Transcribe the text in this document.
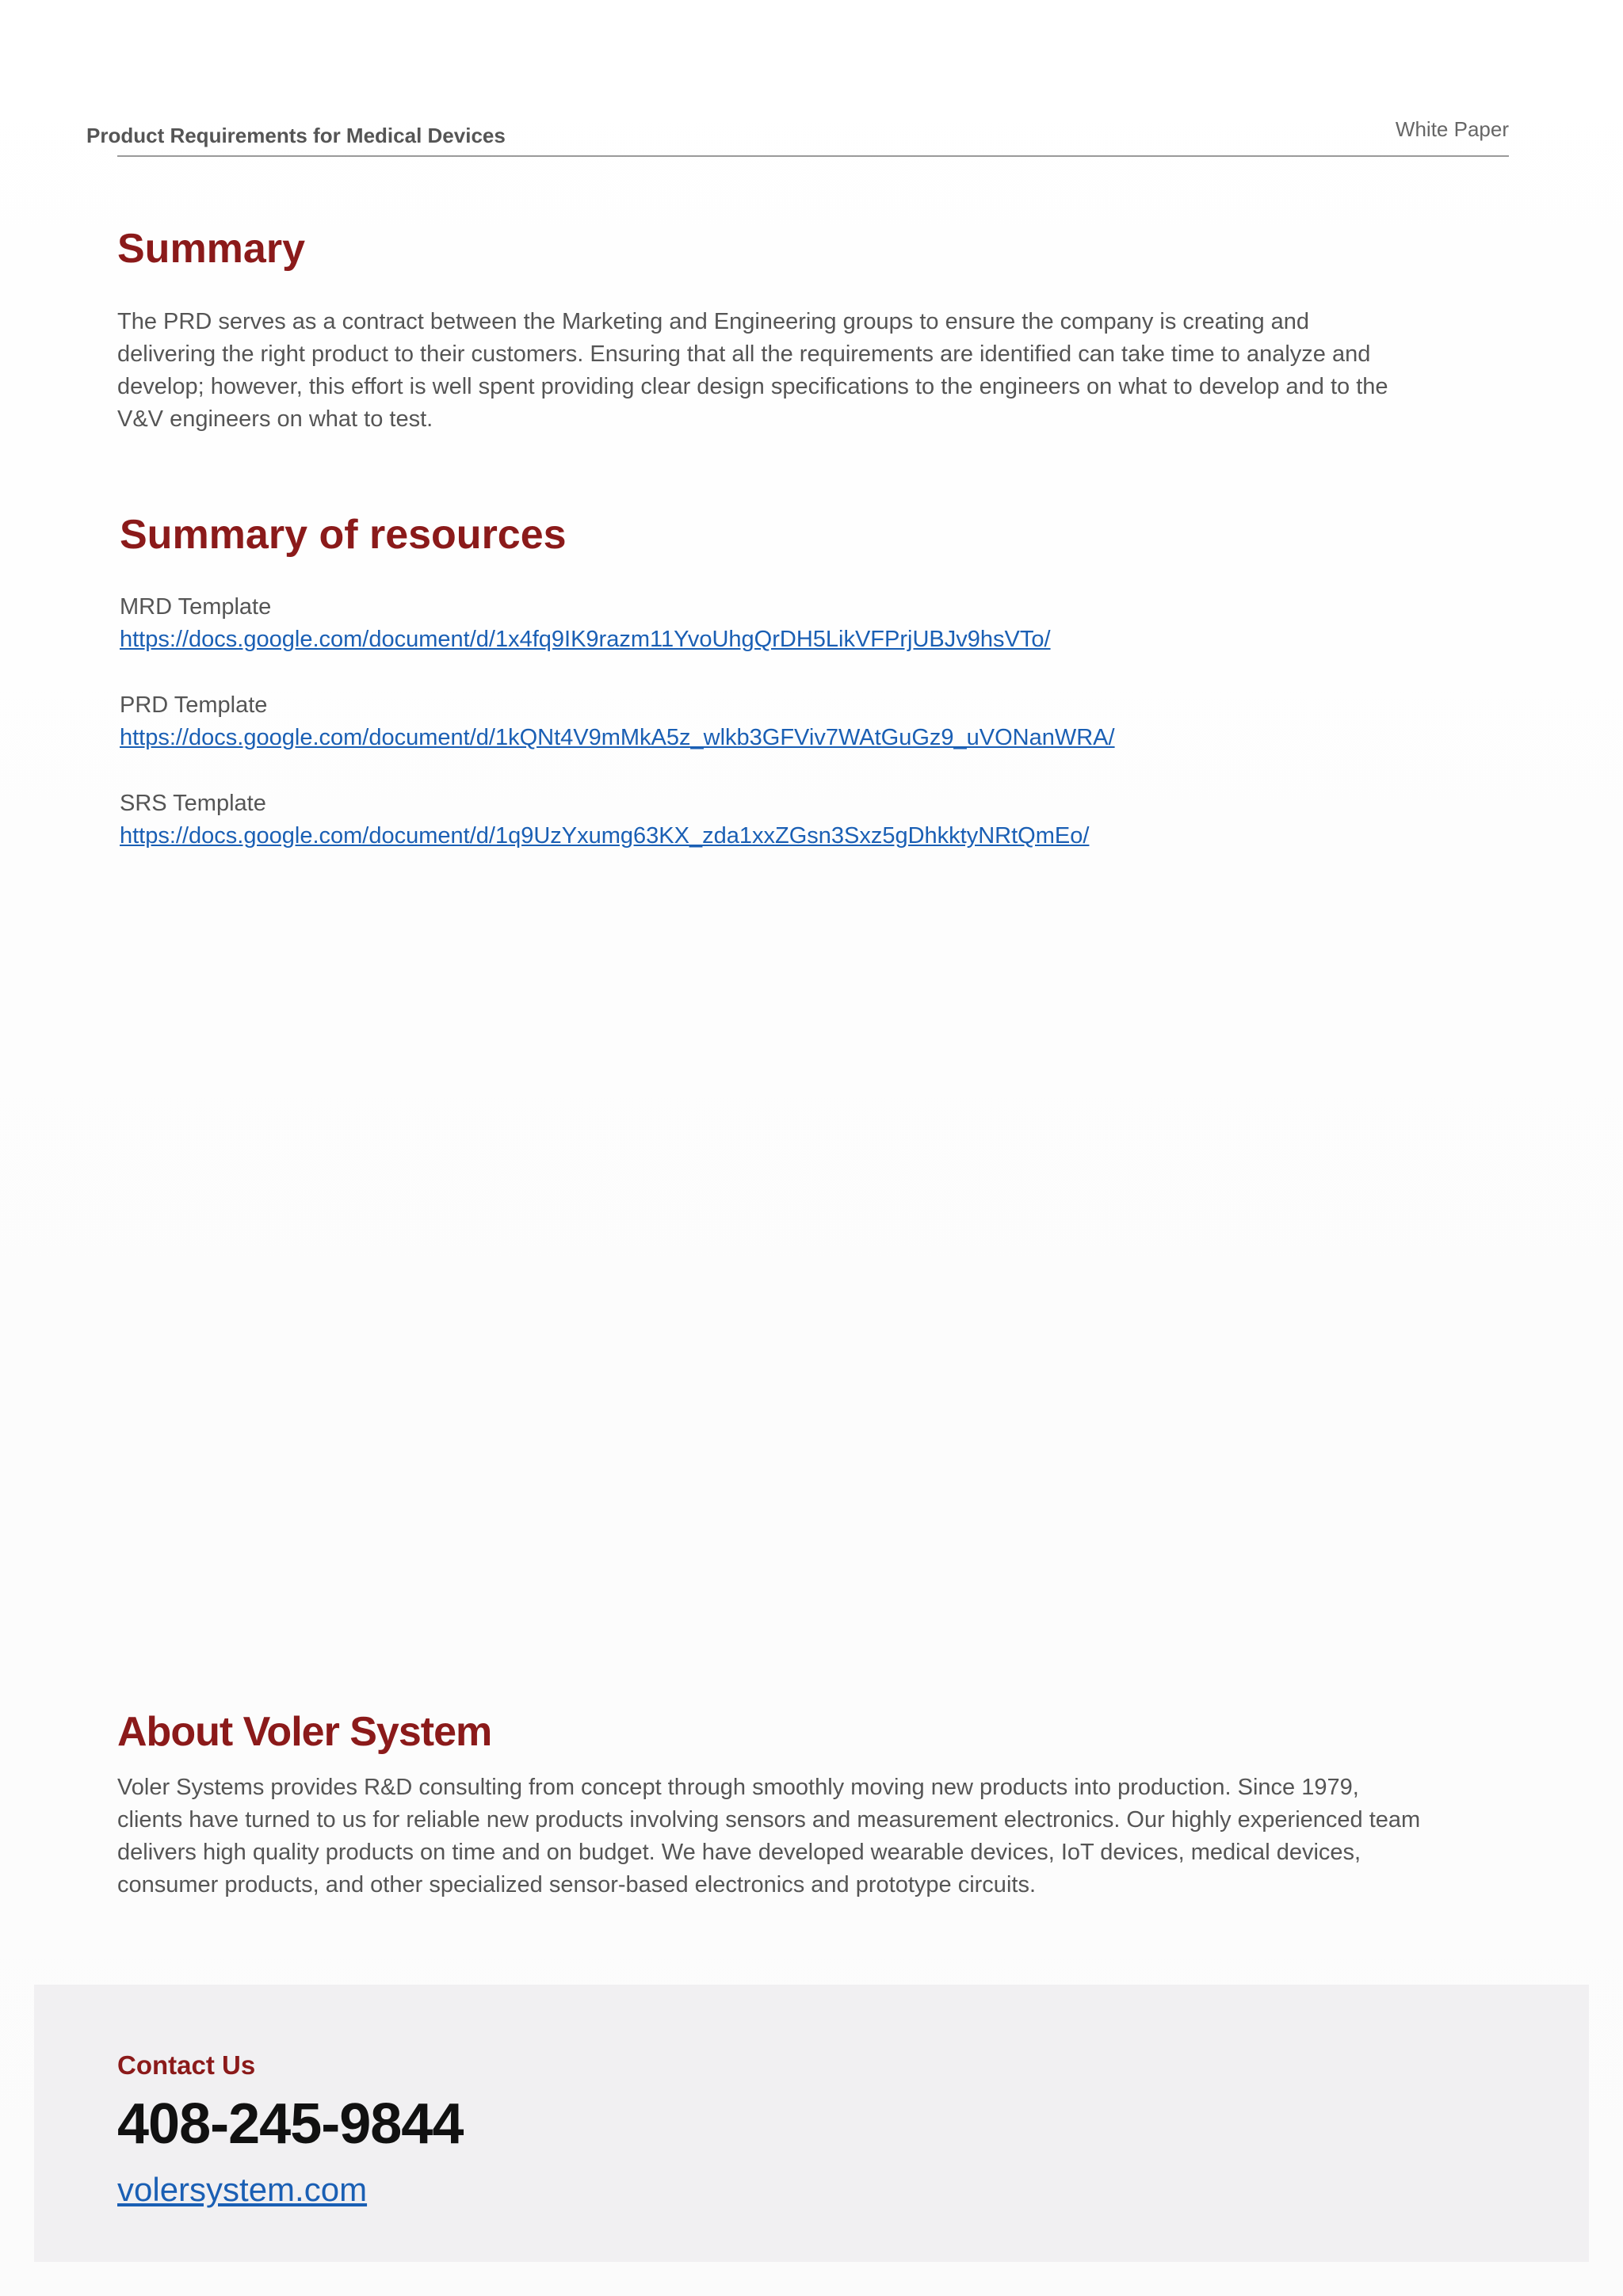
Product Requirements for Medical Devices	White Paper
Summary

The PRD serves as a contract between the Marketing and Engineering groups to ensure the company is creating and

delivering the right product to their customers. Ensuring that all the requirements are identified can take time to analyze and

develop; however, this effort is well spent providing clear design specifications to the engineers on what to develop and to the

V&V engineers on what to test.

Summary of resources

MRD Template

https://docs.google.com/document/d/1x4fq9IK9razm11YvoUhgQrDH5LikVFPrjUBJv9hsVTo/

PRD Template

https://docs.google.com/document/d/1kQNt4V9mMkA5z_wlkb3GFViv7WAtGuGz9_uVONanWRA/

SRS Template

https://docs.google.com/document/d/1q9UzYxumg63KX_zda1xxZGsn3Sxz5gDhkktyNRtQmEo/
About Voler System

Voler Systems provides R&D consulting from concept through smoothly moving new products into production. Since 1979,

clients have turned to us for reliable new products involving sensors and measurement electronics. Our highly experienced team

delivers high quality products on time and on budget. We have developed wearable devices, IoT devices, medical devices,

consumer products, and other specialized sensor-based electronics and prototype circuits.

Contact Us
408-245-9844
volersystem.com
